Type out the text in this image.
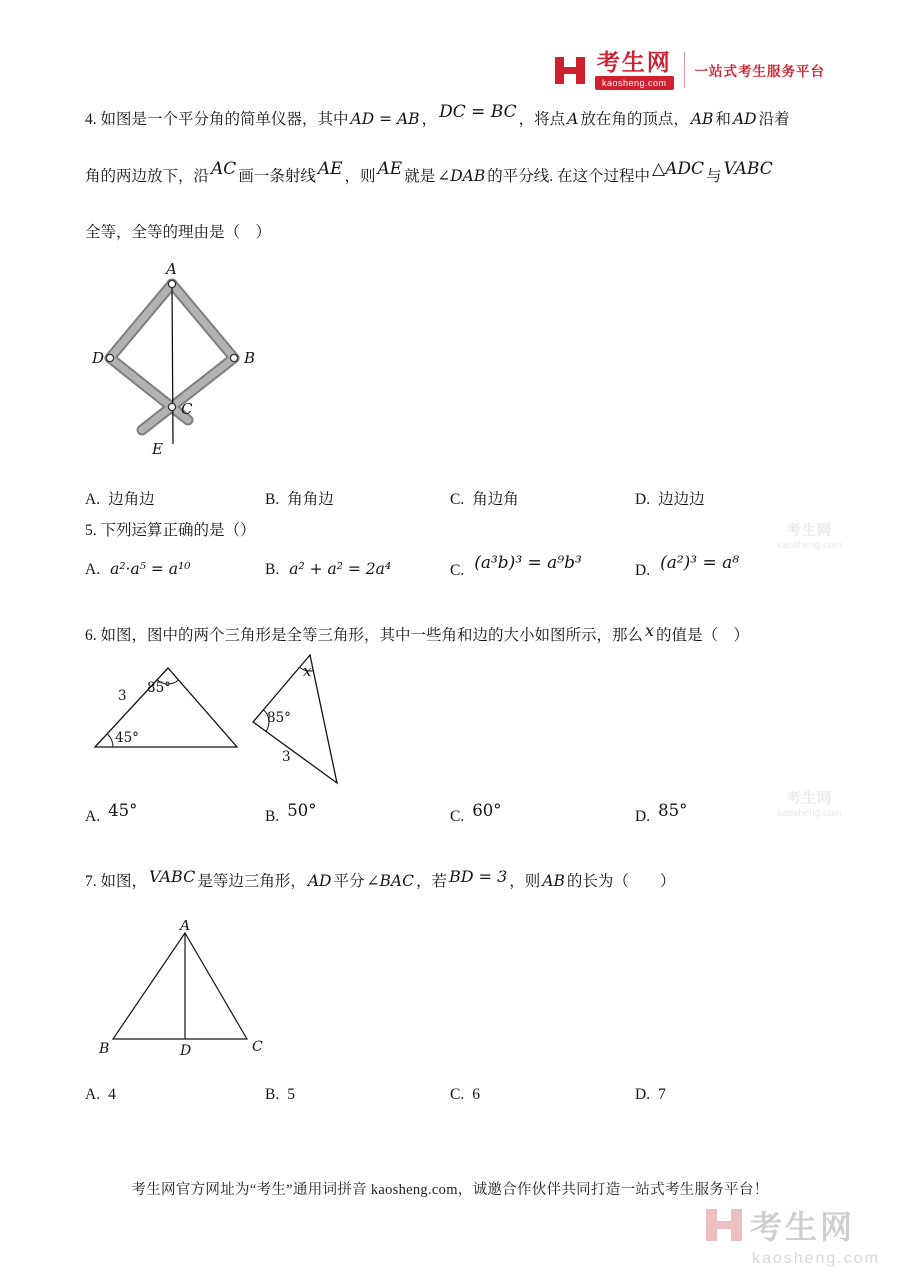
考生网
kaosheng.com
一站式考生服务平台
4. 如图是一个平分角的简单仪器，其中 AD = AB ， DC = BC ，将点 A 放在角的顶点， AB 和 AD 沿着
角的两边放下，沿 AC 画一条射线 AE ，则 AE 就是 ∠DAB 的平分线. 在这个过程中 △ADC 与 VABC
全等，全等的理由是（　）
A
D	B
C
E
A. 边角边	B. 角角边	C. 角边角	D. 边边边
5. 下列运算正确的是（）
A. a²·a⁵ = a¹⁰	B. a² + a² = 2a⁴	C. (a³b)³ = a⁹b³	D. (a²)³ = a⁸
6. 如图，图中的两个三角形是全等三角形，其中一些角和边的大小如图所示，那么 x 的值是（　）
3 85°
45°
x
85°
3
A. 45°	B. 50°	C. 60°	D. 85°
7. 如图， VABC 是等边三角形， AD 平分 ∠BAC ，若 BD = 3 ，则 AB 的长为（　　）
A
B	C
D
A. 4	B. 5	C. 6	D. 7
考生网官方网址为“考生”通用词拼音 kaosheng.com，诚邀合作伙伴共同打造一站式考生服务平台！
考生网
kaosheng.com
考生网
kaosheng.com
考生网
kaosheng.com
